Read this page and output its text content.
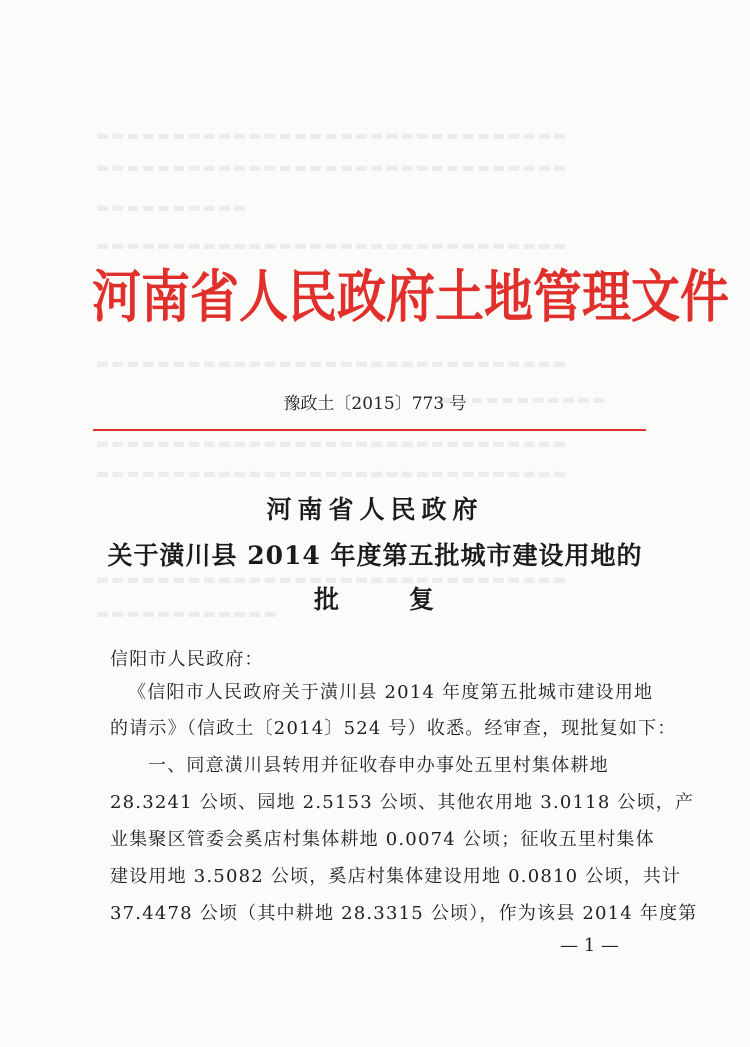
▬▬▬▬▬▬▬▬▬▬▬▬▬▬▬▬▬▬▬▬▬▬▬▬▬▬▬▬▬▬▬
▬▬▬▬▬▬▬▬▬▬▬▬▬▬▬▬▬▬▬▬▬▬▬▬▬▬▬▬▬▬▬
▬▬▬▬▬▬▬▬▬▬
▬▬▬▬▬▬▬▬▬▬▬▬▬▬▬▬▬▬▬▬▬▬▬▬▬▬▬▬▬▬▬
▬▬▬▬▬▬▬▬▬▬▬▬▬▬▬▬▬▬▬▬▬▬▬▬▬▬▬▬▬▬▬
▬▬▬▬▬▬▬▬▬▬▬
▬▬▬▬▬▬▬▬▬▬▬▬▬▬▬▬▬▬▬▬▬▬▬▬▬▬▬▬▬▬▬
▬▬▬▬▬▬▬▬▬▬▬▬▬▬▬▬▬▬▬▬▬▬▬▬▬▬▬▬▬▬▬
▬▬▬▬▬▬▬▬▬▬▬▬▬▬▬▬▬▬▬▬▬▬▬▬▬▬▬▬▬▬▬
▬▬▬▬▬▬▬▬▬▬▬▬
河南省人民政府土地管理文件
豫政土〔2015〕773 号
河南省人民政府
关于潢川县 2014 年度第五批城市建设用地的
批	复
信阳市人民政府：
《信阳市人民政府关于潢川县 2014 年度第五批城市建设用地
的请示》（信政土〔2014〕524 号）收悉。经审查，现批复如下：
一、同意潢川县转用并征收春申办事处五里村集体耕地
28.3241 公顷、园地 2.5153 公顷、其他农用地 3.0118 公顷，产
业集聚区管委会奚店村集体耕地 0.0074 公顷；征收五里村集体
建设用地 3.5082 公顷，奚店村集体建设用地 0.0810 公顷，共计
37.4478 公顷（其中耕地 28.3315 公顷），作为该县 2014 年度第
— 1 —
